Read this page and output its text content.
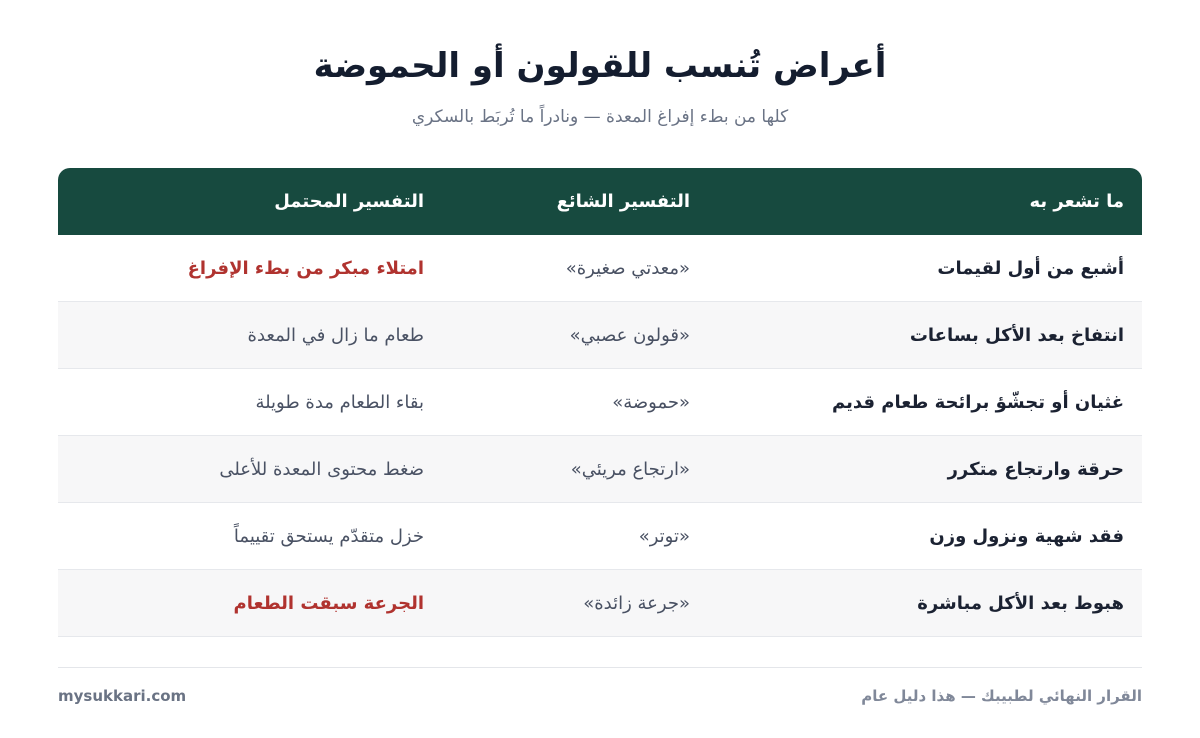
أعراض تُنسب للقولون أو الحموضة

كلها من بطء إفراغ المعدة — ونادراً ما تُربَط بالسكري

ما تشعر به
التفسير الشائع
التفسير المحتمل
أشبع من أول لقيمات
«معدتي صغيرة»
امتلاء مبكر من بطء الإفراغ
انتفاخ بعد الأكل بساعات
«قولون عصبي»
طعام ما زال في المعدة
غثيان أو تجشّؤ برائحة طعام قديم
«حموضة»
بقاء الطعام مدة طويلة
حرقة وارتجاع متكرر
«ارتجاع مريئي»
ضغط محتوى المعدة للأعلى
فقد شهية ونزول وزن
«توتر»
خزل متقدّم يستحق تقييماً
هبوط بعد الأكل مباشرة
«جرعة زائدة»
الجرعة سبقت الطعام
القرار النهائي لطبيبك — هذا دليل عام
mysukkari.com
